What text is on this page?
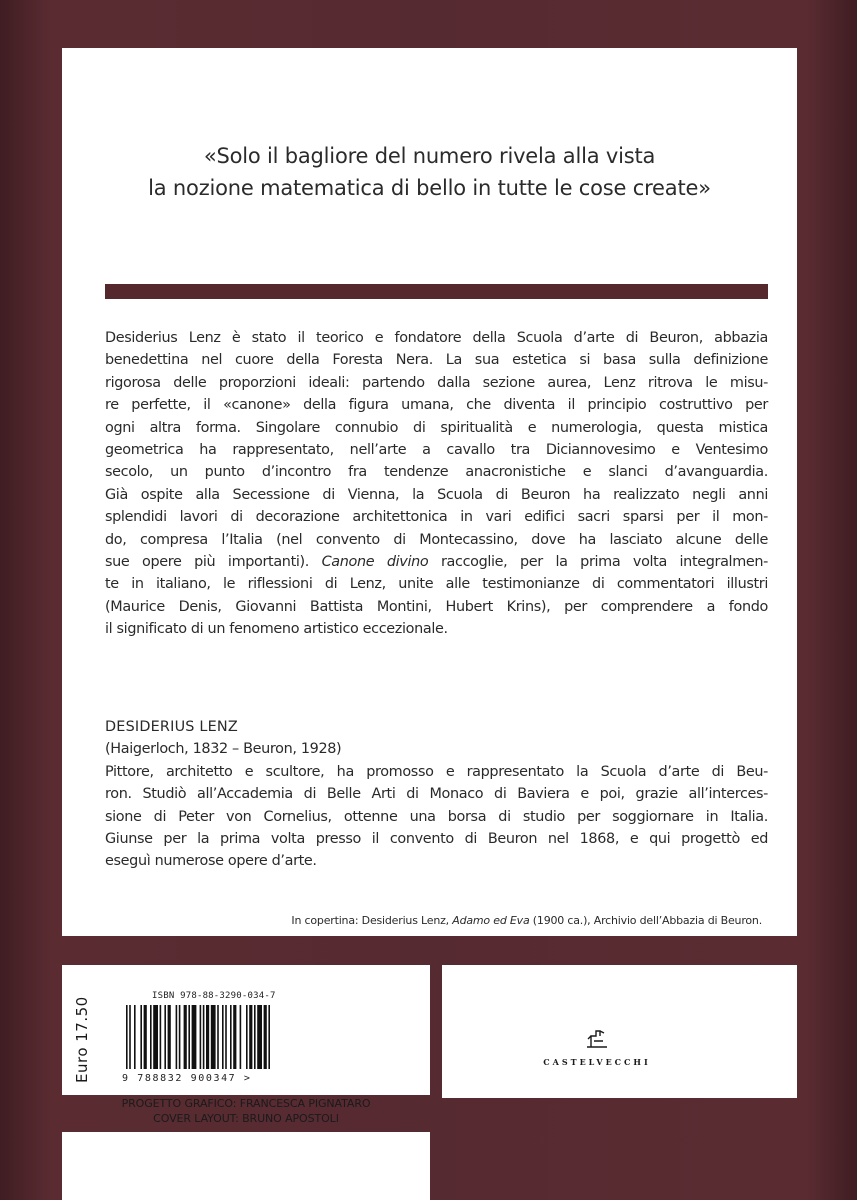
«Solo il bagliore del numero rivela alla vista
la nozione matematica di bello in tutte le cose create»
Desiderius Lenz è stato il teorico e fondatore della Scuola d’arte di Beuron, abbazia
benedettina nel cuore della Foresta Nera. La sua estetica si basa sulla definizione
rigorosa delle proporzioni ideali: partendo dalla sezione aurea, Lenz ritrova le misu-
re perfette, il «canone» della figura umana, che diventa il principio costruttivo per
ogni altra forma. Singolare connubio di spiritualità e numerologia, questa mistica
geometrica ha rappresentato, nell’arte a cavallo tra Diciannovesimo e Ventesimo
secolo, un punto d’incontro fra tendenze anacronistiche e slanci d’avanguardia.
Già ospite alla Secessione di Vienna, la Scuola di Beuron ha realizzato negli anni
splendidi lavori di decorazione architettonica in vari edifici sacri sparsi per il mon-
do, compresa l’Italia (nel convento di Montecassino, dove ha lasciato alcune delle
sue opere più importanti). Canone divino raccoglie, per la prima volta integralmen-
te in italiano, le riflessioni di Lenz, unite alle testimonianze di commentatori illustri
(Maurice Denis, Giovanni Battista Montini, Hubert Krins), per comprendere a fondo
il significato di un fenomeno artistico eccezionale.
DESIDERIUS LENZ
(Haigerloch, 1832 – Beuron, 1928)
Pittore, architetto e scultore, ha promosso e rappresentato la Scuola d’arte di Beu-
ron. Studiò all’Accademia di Belle Arti di Monaco di Baviera e poi, grazie all’interces-
sione di Peter von Cornelius, ottenne una borsa di studio per soggiornare in Italia.
Giunse per la prima volta presso il convento di Beuron nel 1868, e qui progettò ed
eseguì numerose opere d’arte.
In copertina: Desiderius Lenz, Adamo ed Eva (1900 ca.), Archivio dell’Abbazia di Beuron.
Euro 17.50
ISBN 978-88-3290-034-7
9 788832 900347 >
CASTELVECCHI
PROGETTO GRAFICO: FRANCESCA PIGNATARO
COVER LAYOUT: BRUNO APOSTOLI
